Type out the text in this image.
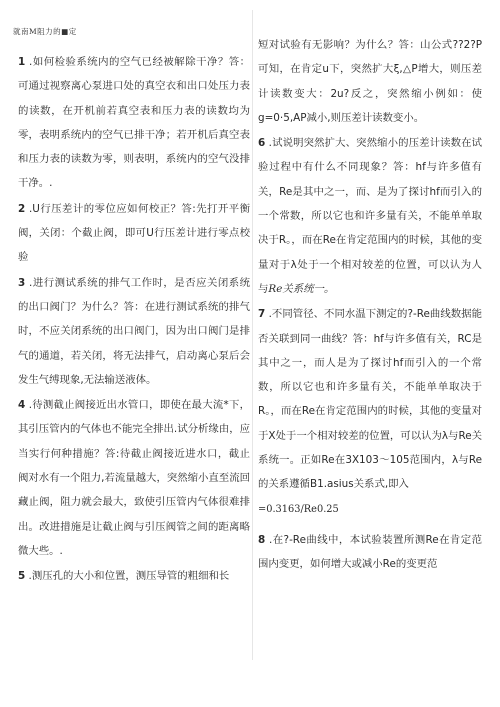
就南M阻力的■定

1 .如何检验系统内的空气已经被解除干净？答：可通过视察离心泵进口处的真空衣和出口处压力表的读数，在开机前若真空表和压力表的读数均为零，表明系统内的空气已排干净；若开机后真空表和压力表的读数为零，则表明，系统内的空气没排干净。.

2 .U行压差计的零位应如何校正？答:先打开平衡阀，关闭：个截止阀，即可U行压差计进行零点校验

3 .进行测试系统的排气工作时，是否应关闭系统的出口阀门？为什么？答：在进行测试系统的排气时，不应关闭系统的出口阀门，因为出口阀门是排气的通道，若关闭，将无法排气，启动离心泵后会发生气缚现象,无法输送液体。

4 .待测截止阀接近出水管口，即使在最大流*下，其引压管内的气体也不能完全排出.试分析缘由，应当实行何种措施？答:待截止阀接近进水口，截止阀对水有一个阻力,若流量越大，突然缩小直至流回藏止阀，阻力就会最大，致使引压管内气体很难排出。改进措施是让截止阀与引压阀管之间的距离略微大些。.

5 .测压孔的大小和位置，测压导管的粗细和长

短对试验有无影响？为什么？答：山公式??2?P可知，在肯定u下，突然扩大ξ,△P增大，则压差计读数变大：2u?反之，突然缩小例如：使g=0·5,AP减小,则压差计读数变小。

6 .试说明突然扩大、突然缩小的压差计读数在试验过程中有什么不同现象？答：hf与许多值有关，Re是其中之一，而、是为了探讨hf而引入的一个常数，所以它也和许多量有关，不能单单取决于R。，而在Re在肯定范围内的时候，其他的变量对于λ处于一个相对较差的位置，可以认为人与Re关系统一。

7 .不同管径、不同水温下测定的?-Re曲线数据能否关联到同一曲线？答：hf与许多值有关，RC是其中之一，而人是为了探讨hf而引入的一个常数，所以它也和许多量有关，不能单单取决于R。，而在Re在肯定范围内的时候，其他的变量对于X处于一个相对较差的位置，可以认为λ与Re关系统一。正如Re在3X103～105范围内，λ与Re的关系遵循B1.asius关系式,即入
=0.3163/Re0.25

8 .在?-Re曲线中，本试验装置所测Re在肯定范围内变更，如何增大或减小Re的变更范
